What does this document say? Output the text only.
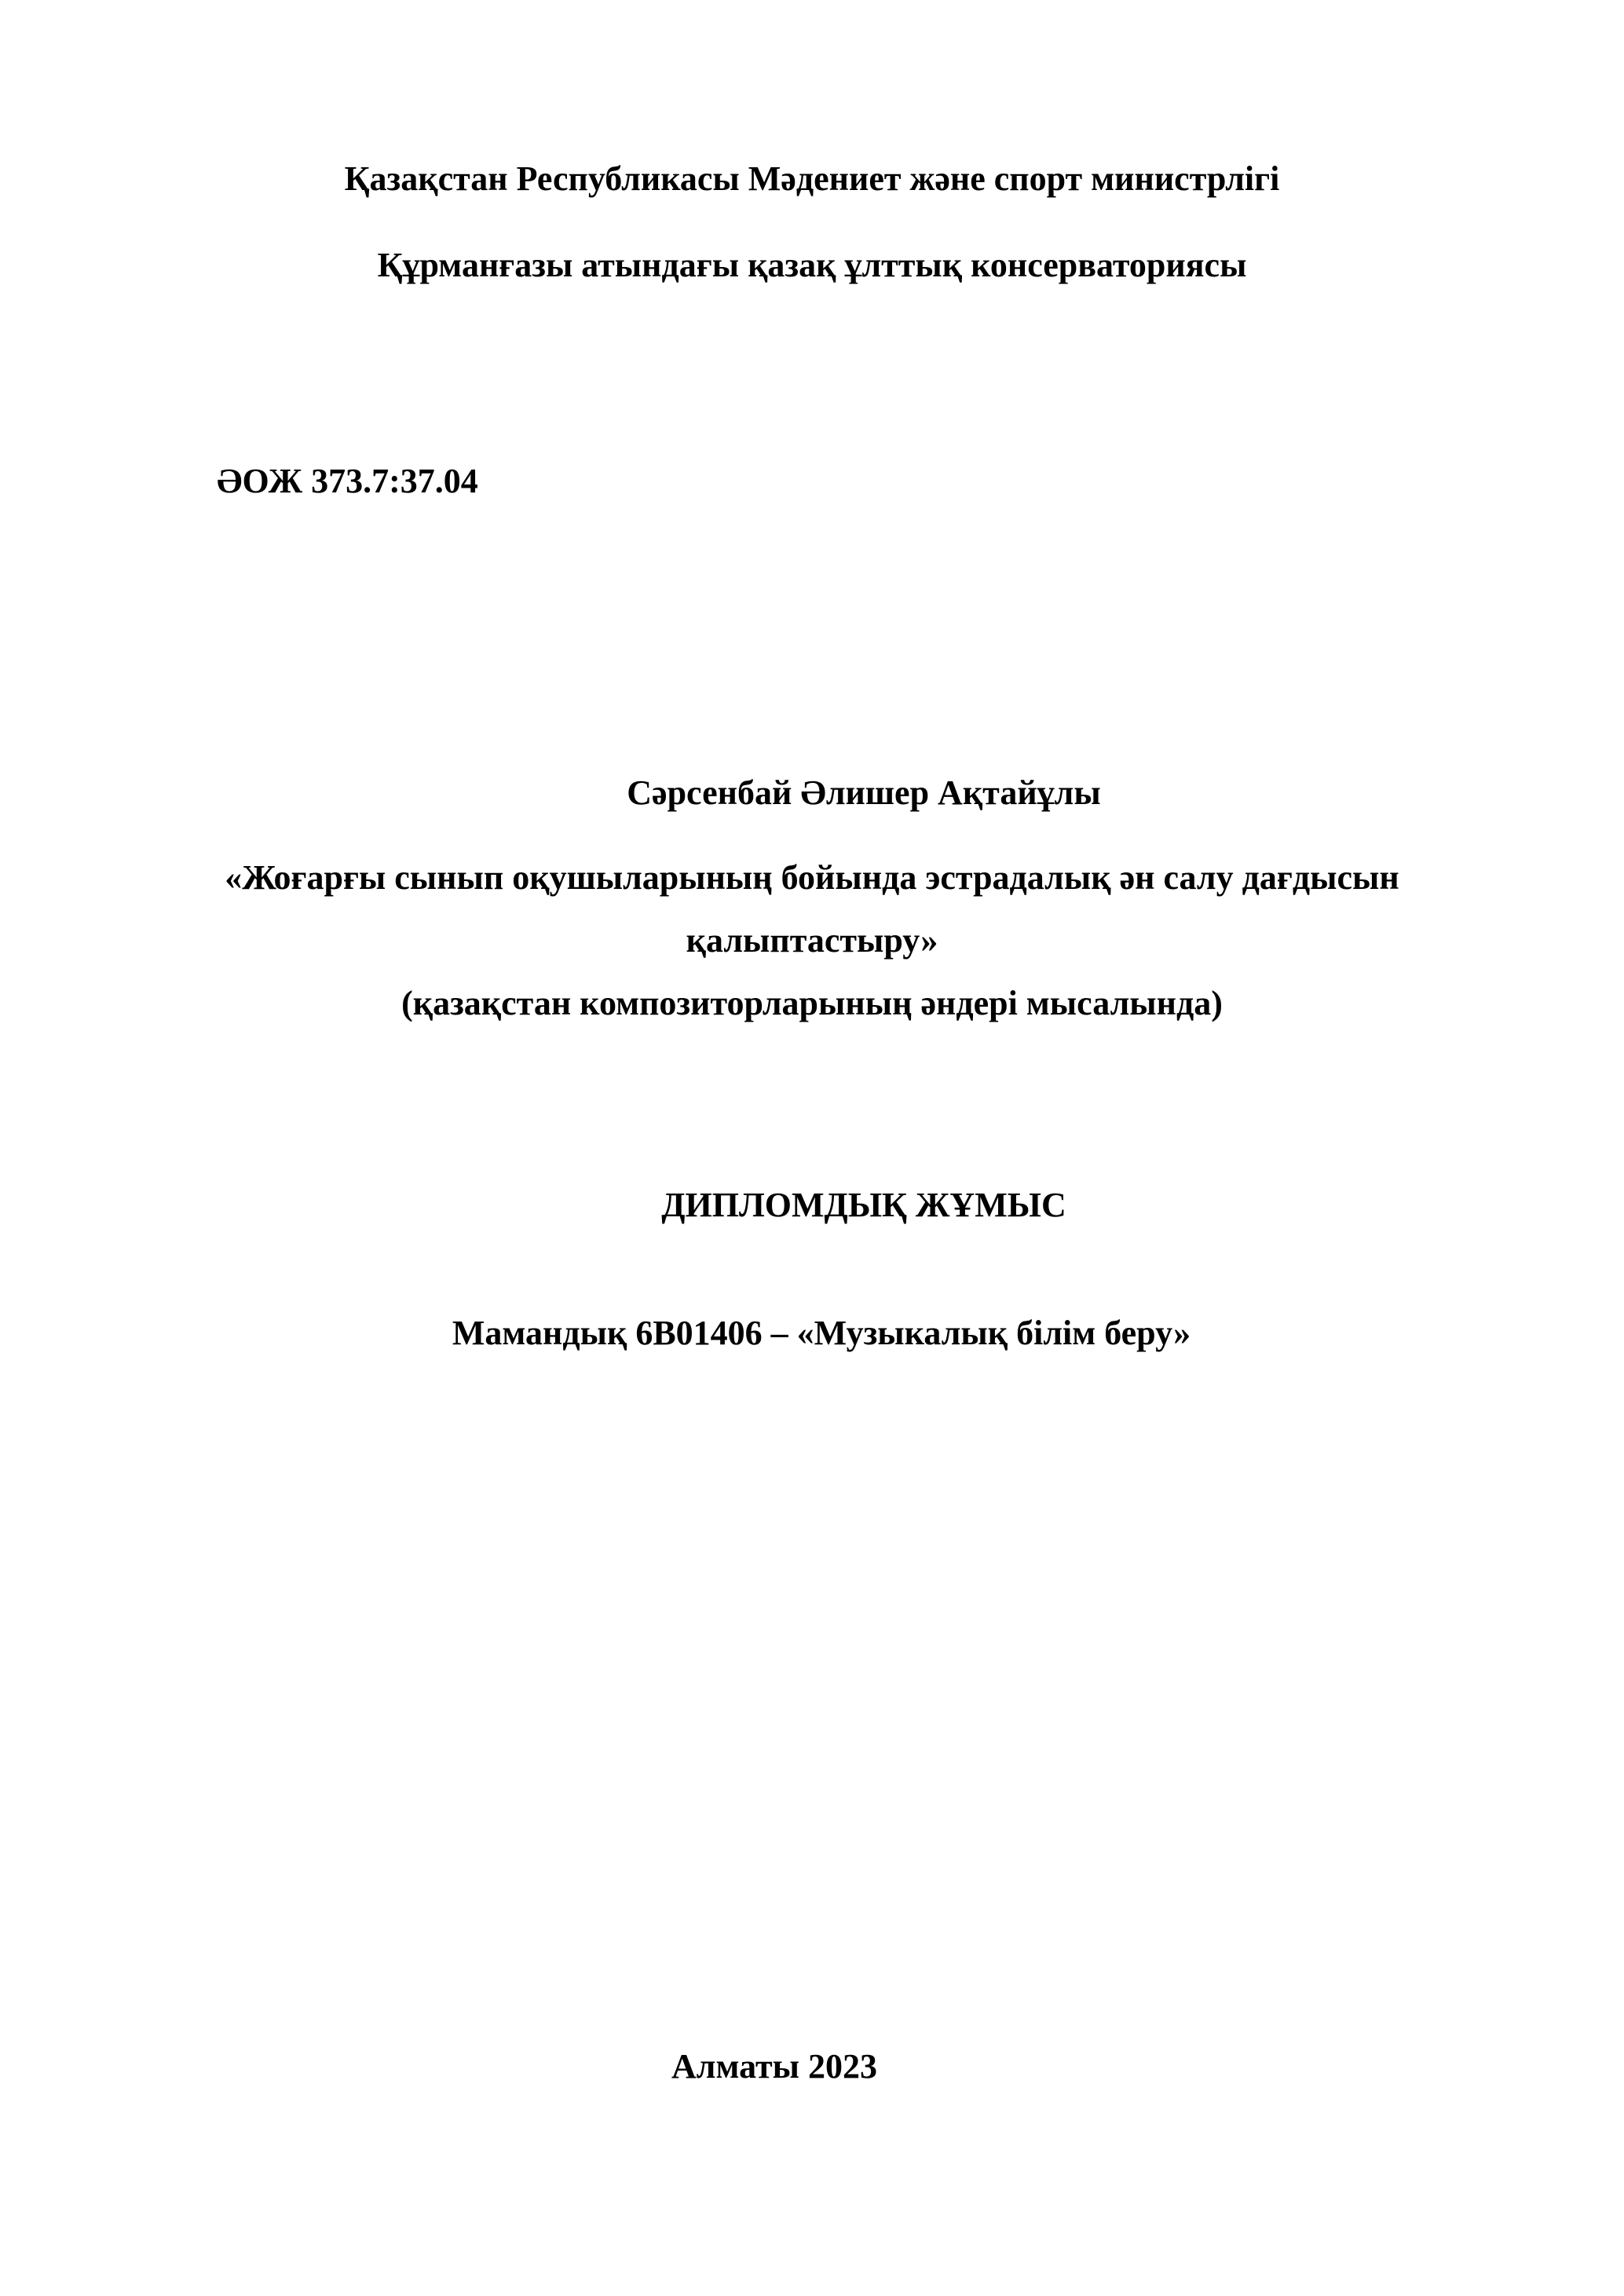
Қазақстан Республикасы Мәдениет және спорт министрлігі
Құрманғазы атындағы қазақ ұлттық консерваториясы
ӘОЖ 373.7:37.04
Сәрсенбай Әлишер Ақтайұлы
«Жоғарғы сынып оқушыларының бойында эстрадалық ән салу дағдысын
қалыптастыру»
(қазақстан композиторларының әндері мысалында)
ДИПЛОМДЫҚ ЖҰМЫС
Мамандық 6B01406 – «Музыкалық білім беру»
Алматы 2023
